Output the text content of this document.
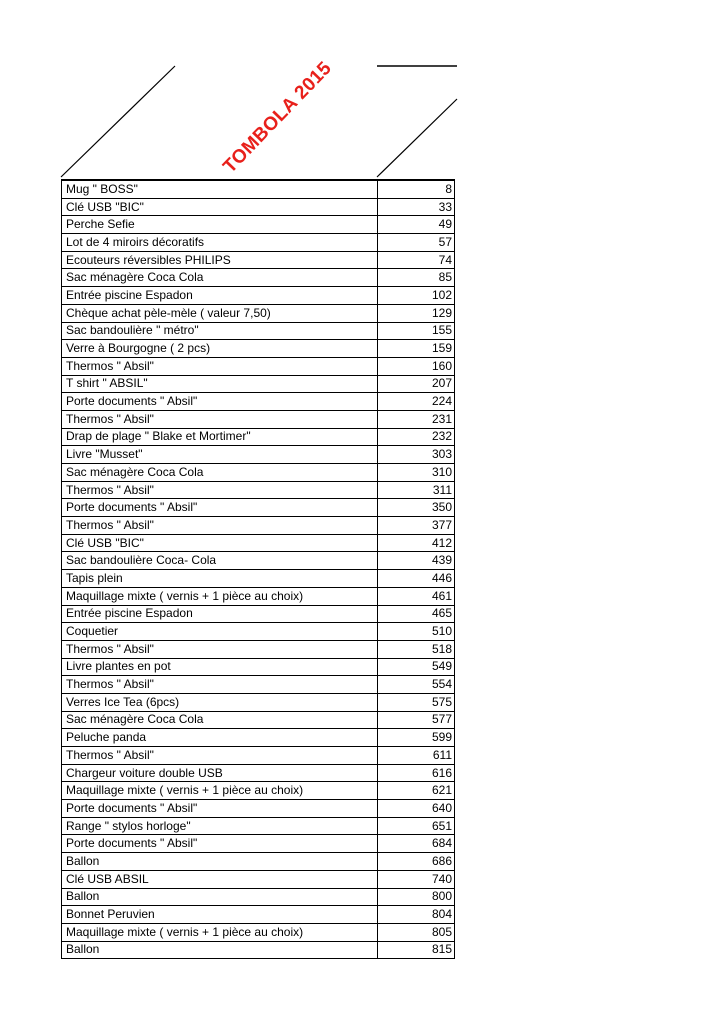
TOMBOLA 2015
Mug " BOSS"	8
Clé USB "BIC"	33
Perche Sefie	49
Lot de 4 miroirs décoratifs	57
Ecouteurs réversibles PHILIPS	74
Sac ménagère Coca Cola	85
Entrée piscine Espadon	102
Chèque achat pèle-mèle ( valeur 7,50)	129
Sac bandoulière " métro"	155
Verre à Bourgogne ( 2 pcs)	159
Thermos " Absil"	160
T shirt " ABSIL"	207
Porte documents " Absil"	224
Thermos " Absil"	231
Drap de plage " Blake et Mortimer"	232
Livre "Musset"	303
Sac ménagère Coca Cola	310
Thermos " Absil"	311
Porte documents " Absil"	350
Thermos " Absil"	377
Clé USB "BIC"	412
Sac bandoulière Coca- Cola	439
Tapis plein	446
Maquillage mixte ( vernis + 1 pièce au choix)	461
Entrée piscine Espadon	465
Coquetier	510
Thermos " Absil"	518
Livre plantes en pot	549
Thermos " Absil"	554
Verres Ice Tea (6pcs)	575
Sac ménagère Coca Cola	577
Peluche panda	599
Thermos " Absil"	611
Chargeur voiture double USB	616
Maquillage mixte ( vernis + 1 pièce au choix)	621
Porte documents " Absil"	640
Range " stylos horloge"	651
Porte documents " Absil"	684
Ballon	686
Clé USB ABSIL	740
Ballon	800
Bonnet Peruvien	804
Maquillage mixte ( vernis + 1 pièce au choix)	805
Ballon	815
